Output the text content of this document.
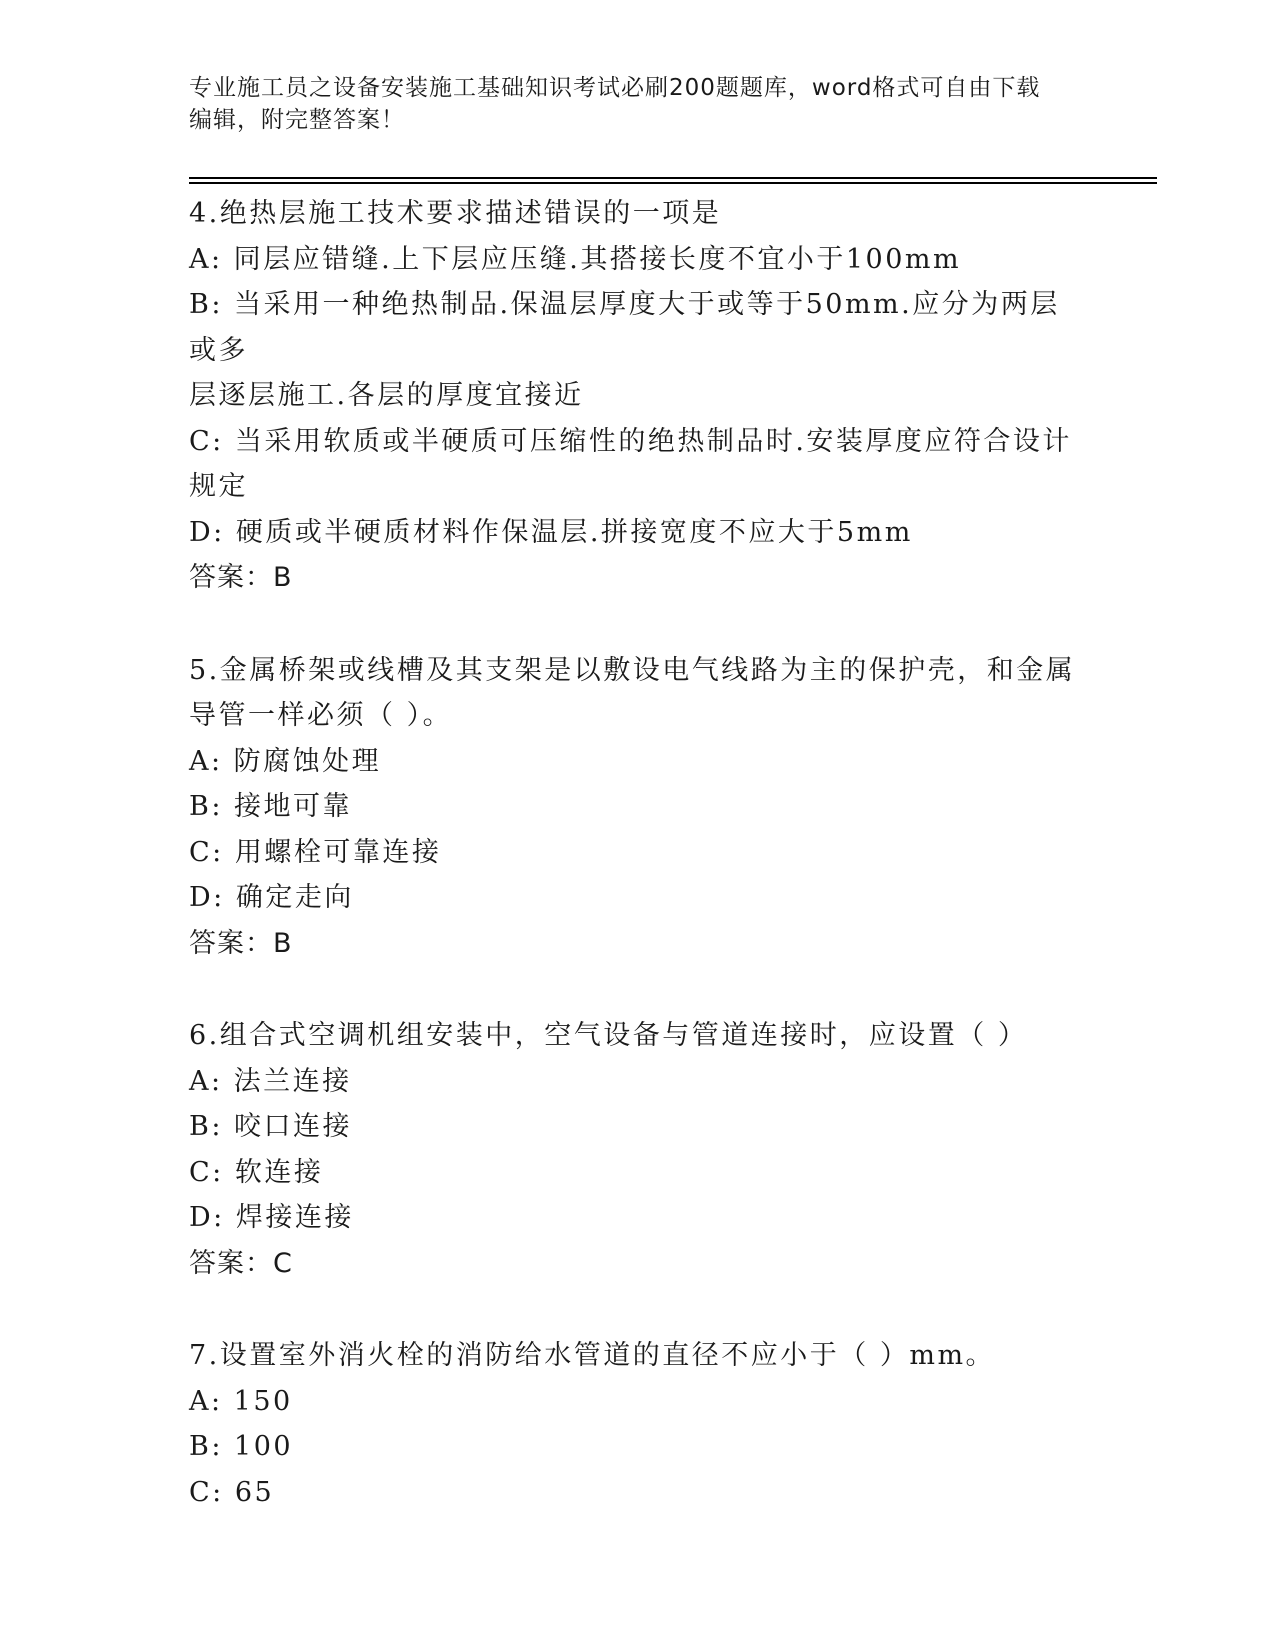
专业施工员之设备安装施工基础知识考试必刷200题题库，word格式可自由下载
编辑，附完整答案！
4.绝热层施工技术要求描述错误的一项是
A: 同层应错缝.上下层应压缝.其搭接长度不宜小于100mm
B: 当采用一种绝热制品.保温层厚度大于或等于50mm.应分为两层或多
层逐层施工.各层的厚度宜接近
C: 当采用软质或半硬质可压缩性的绝热制品时.安装厚度应符合设计
规定
D: 硬质或半硬质材料作保温层.拼接宽度不应大于5mm
答案：B
5.金属桥架或线槽及其支架是以敷设电气线路为主的保护壳，和金属
导管一样必须（ ）。
A: 防腐蚀处理
B: 接地可靠
C: 用螺栓可靠连接
D: 确定走向
答案：B
6.组合式空调机组安装中，空气设备与管道连接时，应设置（ ）
A: 法兰连接
B: 咬口连接
C: 软连接
D: 焊接连接
答案：C
7.设置室外消火栓的消防给水管道的直径不应小于（ ）mm。
A: 150
B: 100
C: 65
